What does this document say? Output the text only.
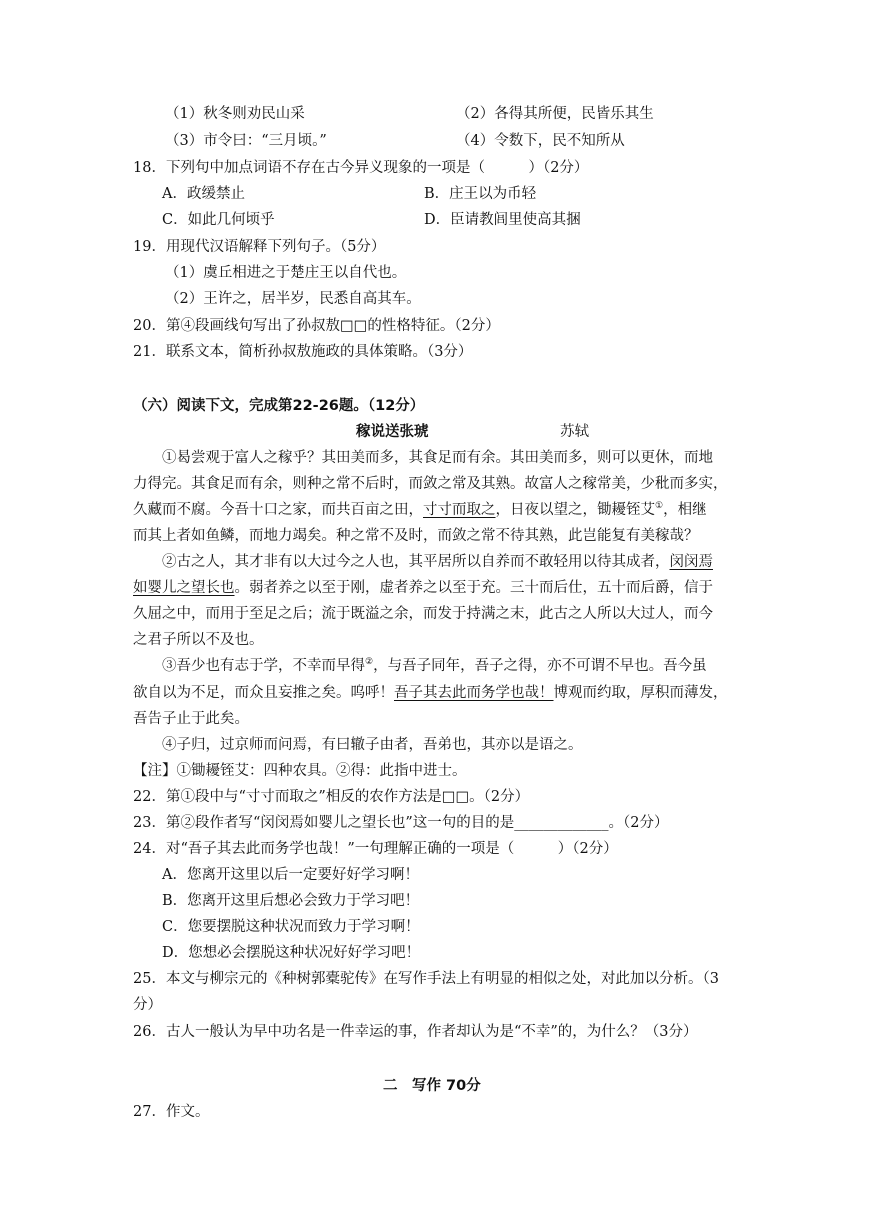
（1）秋冬则劝民山采	（2）各得其所便，民皆乐其生
（3）市令曰：“三月顷。”	（4）令数下，民不知所从
18．下列句中加点词语不存在古今异义现象的一项是（　　　）（2分）
A．政缓禁止	B．庄王以为币轻
C．如此几何顷乎	D．臣请教闾里使高其捆
19．用现代汉语解释下列句子。（5分）
（1）虞丘相进之于楚庄王以自代也。
（2）王许之，居半岁，民悉自高其车。
20．第④段画线句写出了孙叔敖□□的性格特征。（2分）
21．联系文本，简析孙叔敖施政的具体策略。（3分）
（六）阅读下文，完成第22-26题。（12分）
稼说送张琥	苏轼
①曷尝观于富人之稼乎？其田美而多，其食足而有余。其田美而多，则可以更休，而地
力得完。其食足而有余，则种之常不后时，而敛之常及其熟。故富人之稼常美，少秕而多实，
久藏而不腐。今吾十口之家，而共百亩之田，寸寸而取之，日夜以望之，锄耰铚艾①，相继
而其上者如鱼鳞，而地力竭矣。种之常不及时，而敛之常不待其熟，此岂能复有美稼哉？
②古之人，其才非有以大过今之人也，其平居所以自养而不敢轻用以待其成者，闵闵焉
如婴儿之望长也。弱者养之以至于刚，虚者养之以至于充。三十而后仕，五十而后爵，信于
久屈之中，而用于至足之后；流于既溢之余，而发于持满之末，此古之人所以大过人，而今
之君子所以不及也。
③吾少也有志于学，不幸而早得②，与吾子同年，吾子之得，亦不可谓不早也。吾今虽
欲自以为不足，而众且妄推之矣。呜呼！吾子其去此而务学也哉！博观而约取，厚积而薄发，
吾告子止于此矣。
④子归，过京师而问焉，有曰辙子由者，吾弟也，其亦以是语之。
【注】①锄耰铚艾：四种农具。②得：此指中进士。
22．第①段中与“寸寸而取之”相反的农作方法是□□。（2分）
23．第②段作者写“闵闵焉如婴儿之望长也”这一句的目的是_____________。（2分）
24．对“吾子其去此而务学也哉！”一句理解正确的一项是（　　　）（2分）
A．您离开这里以后一定要好好学习啊！
B．您离开这里后想必会致力于学习吧！
C．您要摆脱这种状况而致力于学习啊！
D．您想必会摆脱这种状况好好学习吧！
25．本文与柳宗元的《种树郭橐驼传》在写作手法上有明显的相似之处，对此加以分析。（3
分）
26．古人一般认为早中功名是一件幸运的事，作者却认为是“不幸”的，为什么？（3分）
二　写作 70分
27．作文。
